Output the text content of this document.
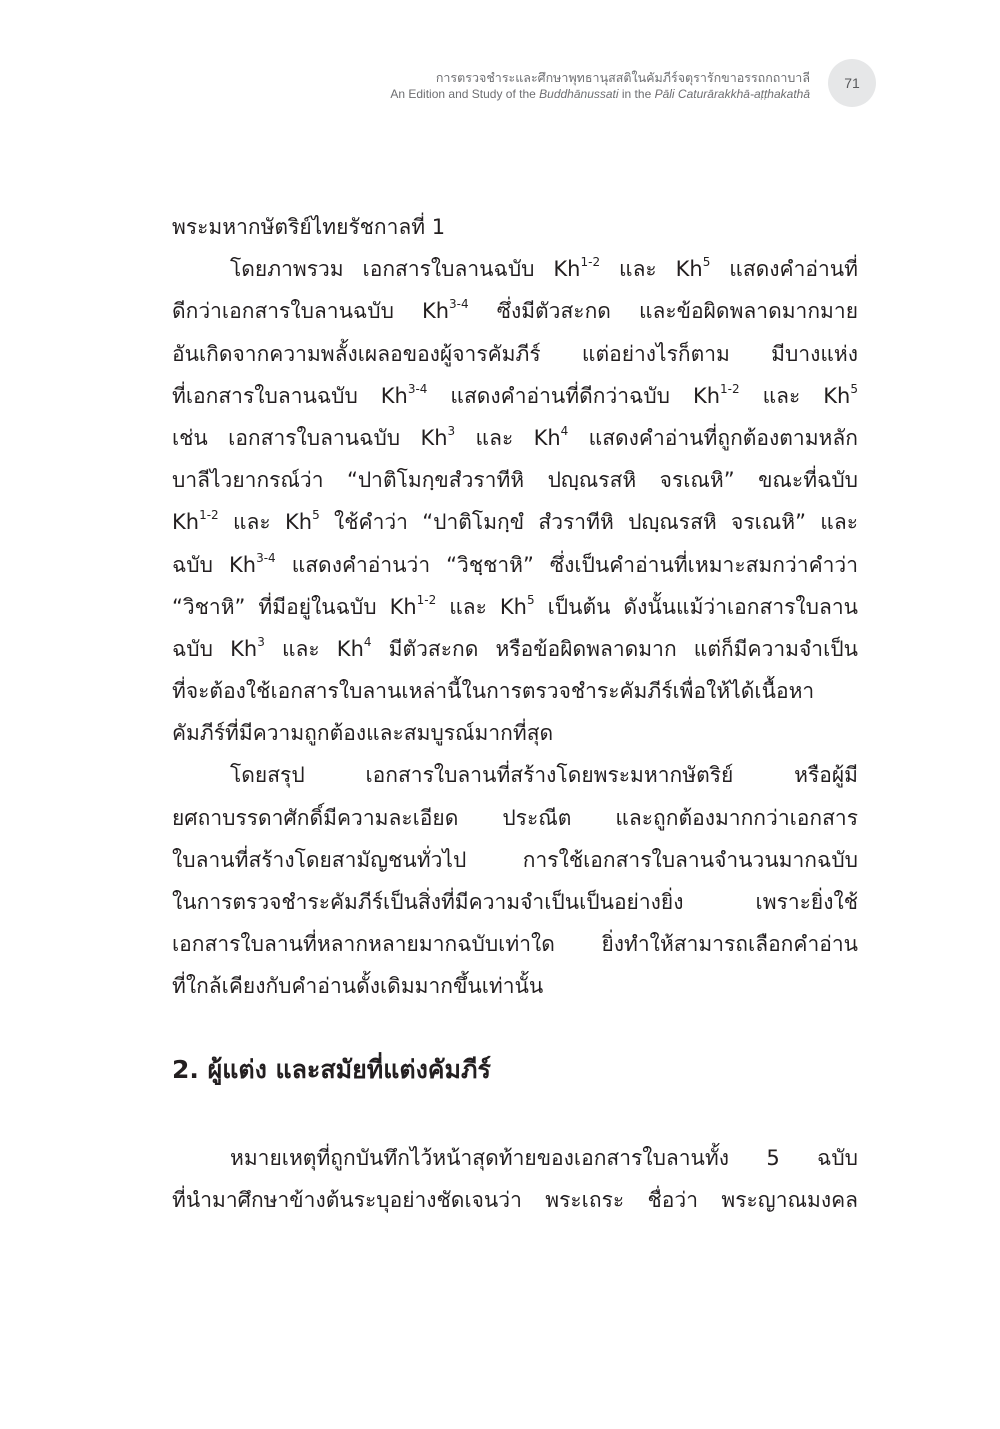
การตรวจชำระและศึกษาพุทธานุสสติในคัมภีร์จตุรารักขาอรรถกถาบาลี
An Edition and Study of the Buddhānussati in the Pāli Caturārakkhā-aṭṭhakathā
71
พระมหากษัตริย์ไทยรัชกาลที่ 1
โดยภาพรวม เอกสารใบลานฉบับ Kh$^{1-2}$ และ Kh$^5$ แสดงคำอ่านที่
ดีกว่าเอกสารใบลานฉบับ Kh$^{3-4}$ ซึ่งมีตัวสะกด และข้อผิดพลาดมากมาย
อันเกิดจากความพลั้งเผลอของผู้จารคัมภีร์ แต่อย่างไรก็ตาม มีบางแห่ง
ที่เอกสารใบลานฉบับ Kh$^{3-4}$ แสดงคำอ่านที่ดีกว่าฉบับ Kh$^{1-2}$ และ Kh$^5$
เช่น เอกสารใบลานฉบับ Kh$^3$ และ Kh$^4$ แสดงคำอ่านที่ถูกต้องตามหลัก
บาลีไวยากรณ์ว่า “ปาติโมกฺขสํวราทีหิ ปญฺณรสหิ จรเณหิ” ขณะที่ฉบับ
Kh$^{1-2}$ และ Kh$^5$ ใช้คำว่า “ปาติโมกฺขํ สํวราทีหิ ปญฺณรสหิ จรเณหิ” และ
ฉบับ Kh$^{3-4}$ แสดงคำอ่านว่า “วิชฺชาหิ” ซึ่งเป็นคำอ่านที่เหมาะสมกว่าคำว่า
“วิชาหิ” ที่มีอยู่ในฉบับ Kh$^{1-2}$ และ Kh$^5$ เป็นต้น ดังนั้นแม้ว่าเอกสารใบลาน
ฉบับ Kh$^3$ และ Kh$^4$ มีตัวสะกด หรือข้อผิดพลาดมาก แต่ก็มีความจำเป็น
ที่จะต้องใช้เอกสารใบลานเหล่านี้ในการตรวจชำระคัมภีร์เพื่อให้ได้เนื้อหา
คัมภีร์ที่มีความถูกต้องและสมบูรณ์มากที่สุด
โดยสรุป เอกสารใบลานที่สร้างโดยพระมหากษัตริย์ หรือผู้มี
ยศถาบรรดาศักดิ์มีความละเอียด ประณีต และถูกต้องมากกว่าเอกสาร
ใบลานที่สร้างโดยสามัญชนทั่วไป การใช้เอกสารใบลานจำนวนมากฉบับ
ในการตรวจชำระคัมภีร์เป็นสิ่งที่มีความจำเป็นเป็นอย่างยิ่ง เพราะยิ่งใช้
เอกสารใบลานที่หลากหลายมากฉบับเท่าใด ยิ่งทำให้สามารถเลือกคำอ่าน
ที่ใกล้เคียงกับคำอ่านดั้งเดิมมากขึ้นเท่านั้น
2. ผู้แต่ง และสมัยที่แต่งคัมภีร์
หมายเหตุที่ถูกบันทึกไว้หน้าสุดท้ายของเอกสารใบลานทั้ง 5 ฉบับ
ที่นำมาศึกษาข้างต้นระบุอย่างชัดเจนว่า พระเถระ ชื่อว่า พระญาณมงคล
